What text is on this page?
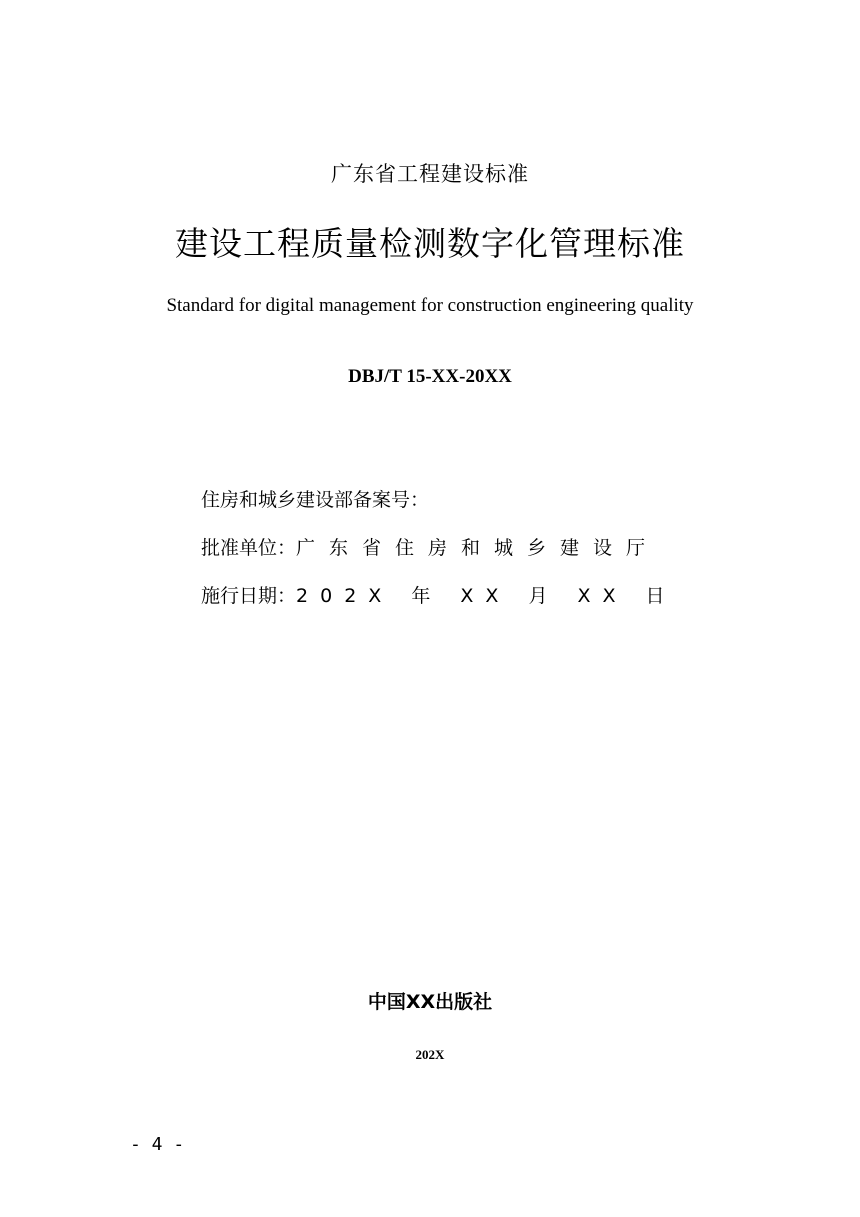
广东省工程建设标准
建设工程质量检测数字化管理标准
Standard for digital management for construction engineering quality
DBJ/T 15-XX-20XX
住房和城乡建设部备案号：
批准单位： 广东省住房和城乡建设厅
施行日期： 202X 年 XX 月 XX 日
中国XX出版社
202X
- 4 -
